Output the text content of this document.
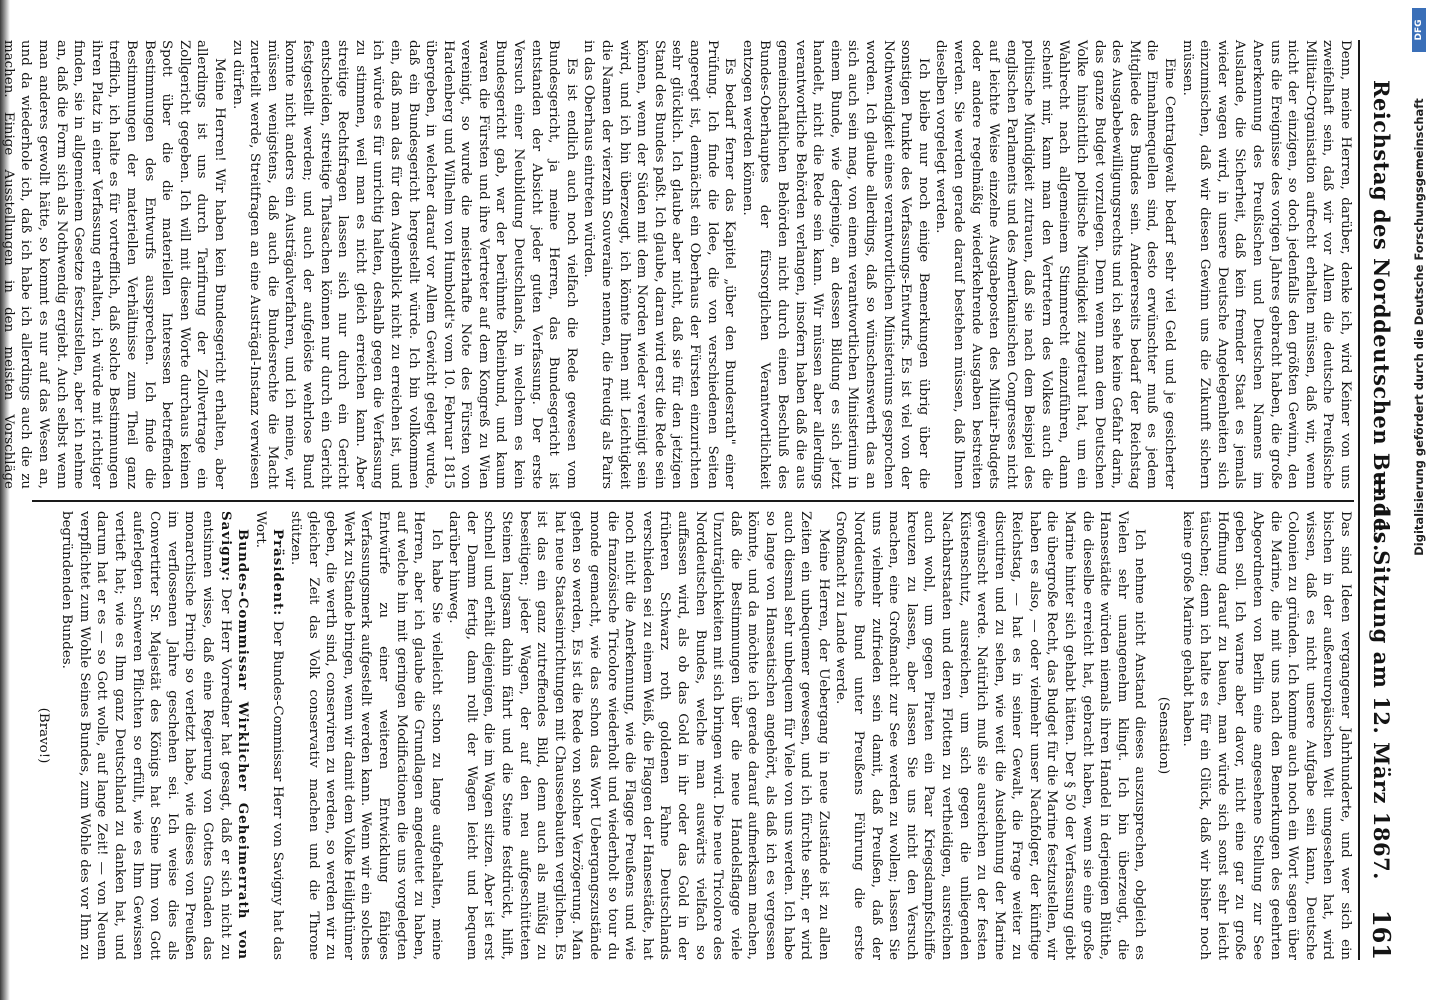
Reichstag des Norddeutschen Bundes.
— 11. Sitzung am 12. März 1867.
161

Denn, meine Herren, darüber, denke ich, wird Keiner von uns zweifelhaft sein, daß wir vor Allem die deutsche Preußische Militair-Organisation aufrecht erhalten müssen, daß wir, wenn nicht der einzigen, so doch jedenfalls den größten Gewinn, den uns die Ereignisse des vorigen Jahres gebracht haben, die große Anerkennung des Preußischen und Deutschen Namens im Auslande, die Sicherheit, daß kein fremder Staat es jemals wieder wagen wird, in unsere Deutsche Angelegenheiten sich einzumischen, daß wir diesen Gewinn uns die Zukunft sichern müssen.

Eine Centralgewalt bedarf sehr viel Geld und je gesicherter die Einnahmequellen sind, desto erwünschter muß es jedem Mitgliede des Bundes sein. Andererseits bedarf der Reichstag des Ausgabebewilligungsrechts und ich sehe keine Gefahr darin, das ganze Budget vorzulegen. Denn wenn man dem Deutschen Volke hinsichtlich politische Mündigkeit zugetraut hat, um ein Wahlrecht nach allgemeinem Stimmrecht einzuführen, dann scheint mir, kann man den Vertretern des Volkes auch die politische Mündigkeit zutrauen, daß sie nach dem Beispiel des englischen Parlaments und des Amerikanischen Congresses nicht auf leichte Weise einzelne Ausgabeposten des Militair-Budgets oder andere regelmäßig wiederkehrende Ausgaben bestreiten werden. Sie werden gerade darauf bestehen müssen, daß Ihnen dieselben vorgelegt werden.

Ich bleibe nur noch einige Bemerkungen übrig über die sonstigen Punkte des Verfassungs-Entwurfs. Es ist viel von der Nothwendigkeit eines verantwortlichen Ministeriums gesprochen worden. Ich glaube allerdings, daß so wünschenswerth das an sich auch sein mag, von einem verantwortlichen Ministerium in einem Bunde, wie derjenige, an dessen Bildung es sich jetzt handelt, nicht die Rede sein kann. Wir müssen aber allerdings verantwortliche Behörden verlangen, insofern haben daß die aus gemeinschaftlichen Behörden nicht durch einen Beschluß des Bundes-Oberhauptes der fürsorglichen Verantwortlichkeit entzogen werden können.

Es bedarf ferner das Kapitel „über den Bundesrath" einer Prüfung. Ich finde die Idee, die von verschiedenen Seiten angeregt ist, demnächst ein Oberhaus der Fürsten einzurichten sehr glücklich. Ich glaube aber nicht, daß sie für den jetzigen Stand des Bundes paßt. Ich glaube, daran wird erst die Rede sein können, wenn der Süden mit dem Norden wieder vereinigt sein wird, und ich bin überzeugt, ich könnte Ihnen mit Leichtigkeit die Namen der vierzehn Souveraine nennen, die freudig als Pairs in das Oberhaus eintreten würden.

Es ist endlich auch noch vielfach die Rede gewesen vom Bundesgericht, ja meine Herren, das Bundesgericht ist entstanden der Absicht jeder guten Verfassung. Der erste Versuch einer Neubildung Deutschlands, in welchem es kein Bundesgericht gab, war der berühmte Rheinbund, und kaum waren die Fürsten und ihre Vertreter auf dem Kongreß zu Wien vereinigt, so wurde die meisterhafte Note des Fürsten von Hardenberg und Wilhelm von Humboldt's vom 10. Februar 1815 übergeben, in welcher darauf vor Allem Gewicht gelegt wurde, daß ein Bundesgericht hergestellt würde. Ich bin vollkommen ein, daß man das für den Augenblick nicht zu erreichen ist, und ich würde es für unrichtig halten, deshalb gegen die Verfassung zu stimmen, weil man es nicht gleich erreichen kann. Aber streitige Rechtsfragen lassen sich nur durch ein Gericht entscheiden, streitige Thatsachen können nur durch ein Gericht festgestellt werden; und auch der aufgelöste wehrlose Bund konnte nicht anders ein Austrägalverfahren, und ich meine, wir müssen wenigstens, daß auch die Bundesrechte die Macht zuerteilt werde, Streitfragen an eine Austrägal-Instanz verwiesen zu dürfen.

Meine Herren! Wir haben kein Bundesgericht erhalten, aber allerdings ist uns durch Tarifirung der Zollvertrage ein Zollgericht gegeben. Ich will mit diesen Worte durchaus keinen Spott über die die materiellen Interessen betreffenden Bestimmungen des Entwurfs aussprechen. Ich finde die Bestimmungen der materiellen Verhältnisse zum Theil ganz trefflich, ich halte es für vortrefflich, daß solche Bestimmungen ihren Platz in einer Verfassung erhalten, ich würde mit richtiger finden, sie in allgemeinem Gesetze festzustellen, aber ich nehme an, daß die Form sich als Nothwendig ergiebt. Auch selbst wenn man anderes gewollt hätte, so kommt es nur auf das Wesen an, und da wiederhole ich, daß ich habe ich allerdings auch die zu machen. Einige Ausstellungen in den meisten Vorschläge

Das sind Ideen vergangener Jahrhunderte, und wer sich ein bischen in der außereuropäischen Welt umgesehen hat, wird wissen, daß es nicht unsere Aufgabe sein kann, Deutsche Colonien zu gründen. Ich komme auch noch ein Wort sagen über die Marine, die mit uns nach den Bemerkungen des geehrten Abgeordneten von Berlin eine angesehene Stellung zur See geben soll. Ich warne aber davor, nicht eine gar zu große Hoffnung darauf zu bauen, man würde sich sonst sehr leicht täuschen; denn ich halte es für ein Glück, daß wir bisher noch keine große Marine gehabt haben.

(Sensation)

Ich nehme nicht Anstand dieses auszusprechen, obgleich es Vielen sehr unangenehm klingt. Ich bin überzeugt, die Hansestädte würden niemals ihren Handel in derjenigen Blüthe, die dieselbe erreicht hat, gebracht haben, wenn sie eine große Marine hinter sich gehabt hätten. Der § 50 der Verfassung giebt die übergroße Recht, das Budget für die Marine festzustellen, wir haben es also, — oder vielmehr unser Nachfolger, der künftige Reichstag, — hat es in seiner Gewalt, die Frage weiter zu discutiren und zu sehen, wie weit die Ausdehnung der Marine gewünscht werde. Natürlich muß sie ausreichen zu der festen Küstenschutz, ausreichen, um sich gegen die unliegenden Nachbarstaaten und deren Flotten zu vertheidigen, ausreichen auch wohl, um gegen Piraten ein Paar Kriegsdampfschiffe kreuzen zu lassen, aber lassen Sie uns nicht den Versuch machen, eine Großmacht zur See werden zu wollen; lassen Sie uns vielmehr zufrieden sein damit, daß Preußen, daß der Norddeutsche Bund unter Preußens Führung die erste Großmacht zu Lande werde.

Meine Herren, der Uebergang in neue Zustände ist zu allen Zeiten ein unbequemer gewesen, und ich fürchte sehr, er wird auch diesmal sehr unbequem für Viele von uns werden. Ich habe so lange von Hanseatischen angehört, als daß ich es vergessen könnte, und da möchte ich gerade darauf aufmerksam machen, daß die Bestimmungen über die neue Handelsflagge viele Unzuträglichkeiten mit sich bringen wird. Die neue Tricolore des Norddeutschen Bundes, welche man auswärts vielfach so auffassen wird, als ob das Gold in ihr oder das Gold in der früheren Schwarz roth goldenen Fahne Deutschlands verschieden sei zu einem Weiß, die Flaggen der Hansestädte, hat noch nicht die Anerkennung, wie die Flagge Preußens und wie die französische Tricolore wiederholt und wiederholt so tour du monde gemacht, wie das schon das Wort Uebergangszustände gehen so werden, Es ist die Rede von solcher Verzögerung. Man hat neue Staatseinrichtungen mit Chausseebauten verglichen. Es ist das ein ganz zutreffendes Bild, denn auch als müßig zu beseitigen; jeder Wagen, der auf den neu aufgeschütteten Steinen langsam dahin fährt und die Steine festdrückt, hilft, schnell und erhält diejenigen, die im Wagen sitzen. Aber ist erst der Damm fertig, dann rollt der Wagen leicht und bequem darüber hinweg.

Ich habe Sie vielleicht schon zu lange aufgehalten, meine Herren, aber ich glaube die Grundlagen angedeutet zu haben, auf welche hin mit geringen Modificationen die uns vorgelegten Entwürfe zu einer weiteren Entwicklung fähiges Verfassungsmerk aufgestellt werden kann. Wenn wir ein solches Werk zu Stande bringen, wenn wir damit dem Volke Heiligthümer geben, die werth sind, conserviren zu werden, so werden wir zu gleicher Zeit das Volk conservativ machen und die Throne stützen.

Präsident: Der Bundes-Commissar Herr von Savigny hat das Wort.

Bundes-Commissar Wirklicher Geheimerrath von Savigny: Der Herr Vorredner hat gesagt, daß er sich nicht zu entsinnen wisse, daß eine Regierung von Gottes Gnaden das monarchische Princip so verletzt habe, wie dieses von Preußen im verflossenen Jahre geschehen sei. Ich weise dies als Convertirter Sr. Majestät des Königs hat Seine Ihm von Gott auferlegten schweren Pflichten so erfüllt, wie es Ihm Gewissen vertieft hat; wie es Ihm ganz Deutschland zu danken hat, und darum hat er es — so Gott wolle, auf lange Zeit! — von Neuem verpflichtet zum Wohle Seines Bundes, zum Wohle des vor Ihm zu begründenden Bundes.

(Bravo!)

DFG
Digitalisierung gefördert durch die Deutsche Forschungsgemeinschaft
